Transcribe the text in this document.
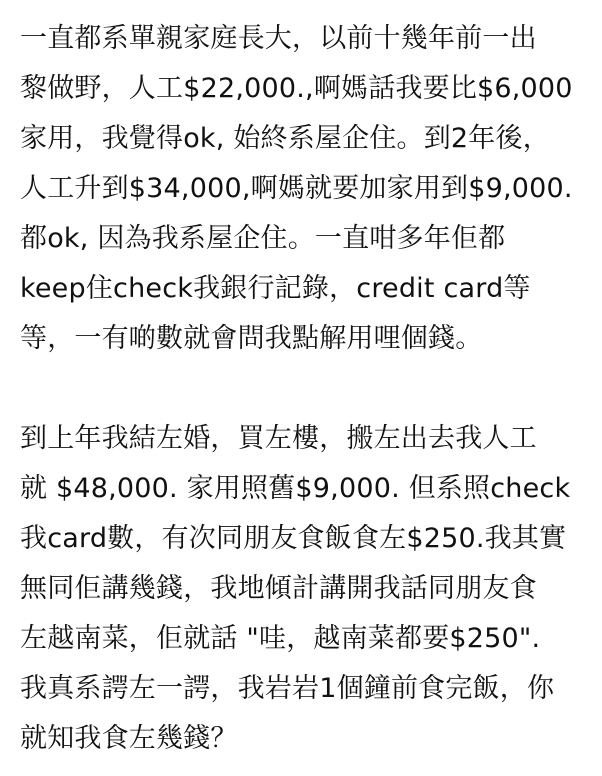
一直都系單親家庭長大，以前十幾年前一出
黎做野，人工$22,000.,啊媽話我要比$6,000
家用，我覺得ok, 始終系屋企住。到2年後，
人工升到$34,000,啊媽就要加家用到$9,000.
都ok, 因為我系屋企住。一直咁多年佢都
keep住check我銀行記錄，credit card等
等，一有啲數就會問我點解用哩個錢。
到上年我結左婚，買左樓，搬左出去我人工
就 $48,000. 家用照舊$9,000. 但系照check
我card數，有次同朋友食飯食左$250.我其實
無同佢講幾錢，我地傾計講開我話同朋友食
左越南菜，佢就話 "哇，越南菜都要$250".
我真系諤左一諤，我岩岩1個鐘前食完飯，你
就知我食左幾錢？
